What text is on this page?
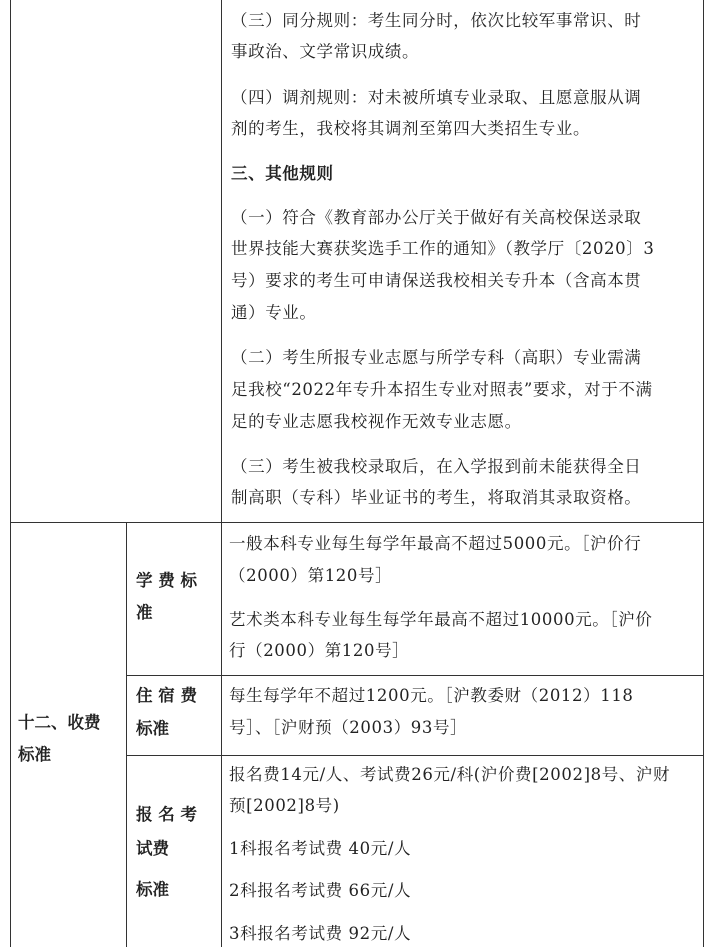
（三）同分规则：考生同分时，依次比较军事常识、时
事政治、文学常识成绩。
（四）调剂规则：对未被所填专业录取、且愿意服从调
剂的考生，我校将其调剂至第四大类招生专业。
三、其他规则
（一）符合《教育部办公厅关于做好有关高校保送录取
世界技能大赛获奖选手工作的通知》（教学厅〔2020〕3
号）要求的考生可申请保送我校相关专升本（含高本贯
通）专业。
（二）考生所报专业志愿与所学专科（高职）专业需满
足我校“2022年专升本招生专业对照表”要求，对于不满
足的专业志愿我校视作无效专业志愿。
（三）考生被我校录取后，在入学报到前未能获得全日
制高职（专科）毕业证书的考生，将取消其录取资格。
十二、收费
标准
学 费 标
准
一般本科专业每生每学年最高不超过5000元。［沪价行
（2000）第120号］
艺术类本科专业每生每学年最高不超过10000元。［沪价
行（2000）第120号］
住 宿 费
标准
每生每学年不超过1200元。［沪教委财（2012）118
号］、［沪财预（2003）93号］
报 名 考
试费
标准
报名费14元/人、考试费26元/科(沪价费[2002]8号、沪财
预[2002]8号)
1科报名考试费 40元/人
2科报名考试费 66元/人
3科报名考试费 92元/人
